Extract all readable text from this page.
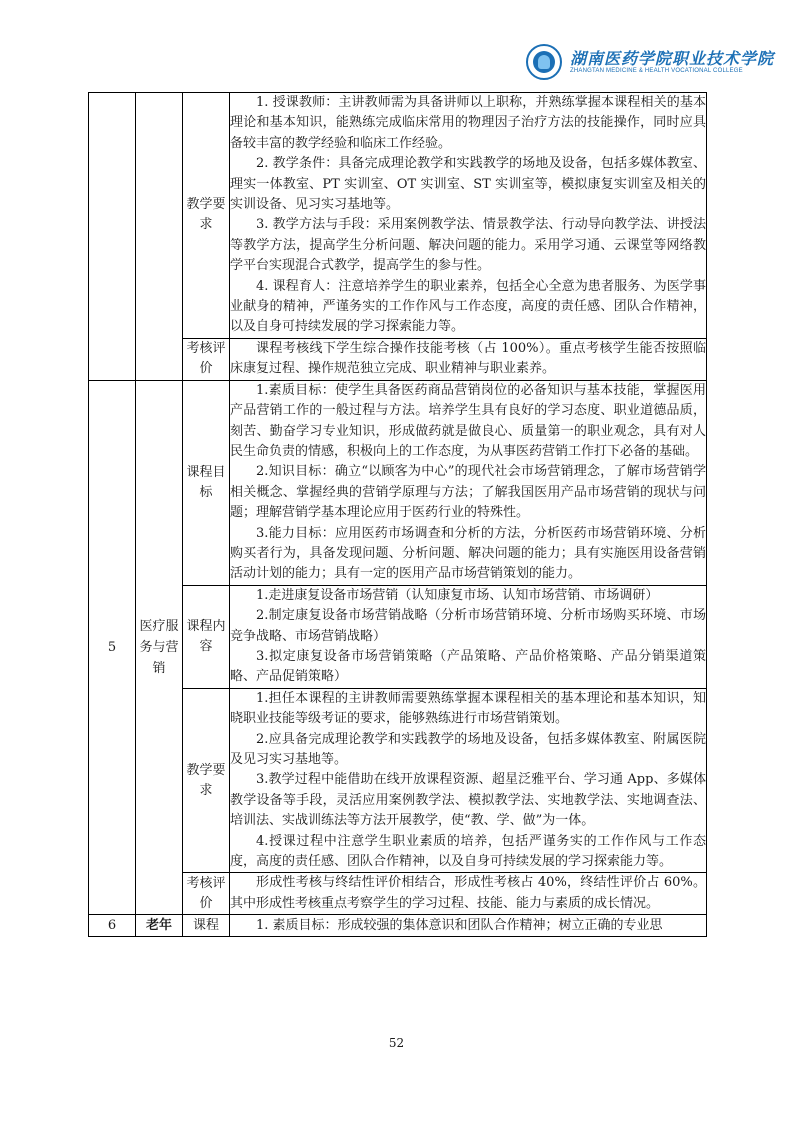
湖南医药学院职业技术学院
ZHANGTAN MEDICINE & HEALTH VOCATIONAL COLLEGE
		教学要求	1. 授课教师：主讲教师需为具备讲师以上职称，并熟练掌握本课程相关的基本理论和基本知识，能熟练完成临床常用的物理因子治疗方法的技能操作，同时应具备较丰富的教学经验和临床工作经验。

2. 教学条件：具备完成理论教学和实践教学的场地及设备，包括多媒体教室、理实一体教室、PT 实训室、OT 实训室、ST 实训室等，模拟康复实训室及相关的实训设备、见习实习基地等。

3. 教学方法与手段：采用案例教学法、情景教学法、行动导向教学法、讲授法等教学方法，提高学生分析问题、解决问题的能力。采用学习通、云课堂等网络教学平台实现混合式教学，提高学生的参与性。

4. 课程育人：注意培养学生的职业素养，包括全心全意为患者服务、为医学事业献身的精神，严谨务实的工作作风与工作态度，高度的责任感、团队合作精神，以及自身可持续发展的学习探索能力等。

		考核评价	课程考核线下学生综合操作技能考核（占 100%）。重点考核学生能否按照临床康复过程、操作规范独立完成、职业精神与职业素养。

5	医疗服务与营销	课程目标	1.素质目标：使学生具备医药商品营销岗位的必备知识与基本技能，掌握医用产品营销工作的一般过程与方法。培养学生具有良好的学习态度、职业道德品质，刻苦、勤奋学习专业知识，形成做药就是做良心、质量第一的职业观念，具有对人民生命负责的情感，积极向上的工作态度，为从事医药营销工作打下必备的基础。

2.知识目标：确立“以顾客为中心”的现代社会市场营销理念，了解市场营销学相关概念、掌握经典的营销学原理与方法；了解我国医用产品市场营销的现状与问题；理解营销学基本理论应用于医药行业的特殊性。

3.能力目标：应用医药市场调查和分析的方法，分析医药市场营销环境、分析购买者行为，具备发现问题、分析问题、解决问题的能力；具有实施医用设备营销活动计划的能力；具有一定的医用产品市场营销策划的能力。

		课程内容	1.走进康复设备市场营销（认知康复市场、认知市场营销、市场调研）

2.制定康复设备市场营销战略（分析市场营销环境、分析市场购买环境、市场竞争战略、市场营销战略）

3.拟定康复设备市场营销策略（产品策略、产品价格策略、产品分销渠道策略、产品促销策略）

		教学要求	1.担任本课程的主讲教师需要熟练掌握本课程相关的基本理论和基本知识，知晓职业技能等级考证的要求，能够熟练进行市场营销策划。

2.应具备完成理论教学和实践教学的场地及设备，包括多媒体教室、附属医院及见习实习基地等。

3.教学过程中能借助在线开放课程资源、超星泛雅平台、学习通 App、多媒体教学设备等手段，灵活应用案例教学法、模拟教学法、实地教学法、实地调查法、培训法、实战训练法等方法开展教学，使“教、学、做”为一体。

4.授课过程中注意学生职业素质的培养，包括严谨务实的工作作风与工作态度，高度的责任感、团队合作精神，以及自身可持续发展的学习探索能力等。

		考核评价	形成性考核与终结性评价相结合，形成性考核占 40%，终结性评价占 60%。其中形成性考核重点考察学生的学习过程、技能、能力与素质的成长情况。

6	老年	课程	1. 素质目标：形成较强的集体意识和团队合作精神；树立正确的专业思

52
